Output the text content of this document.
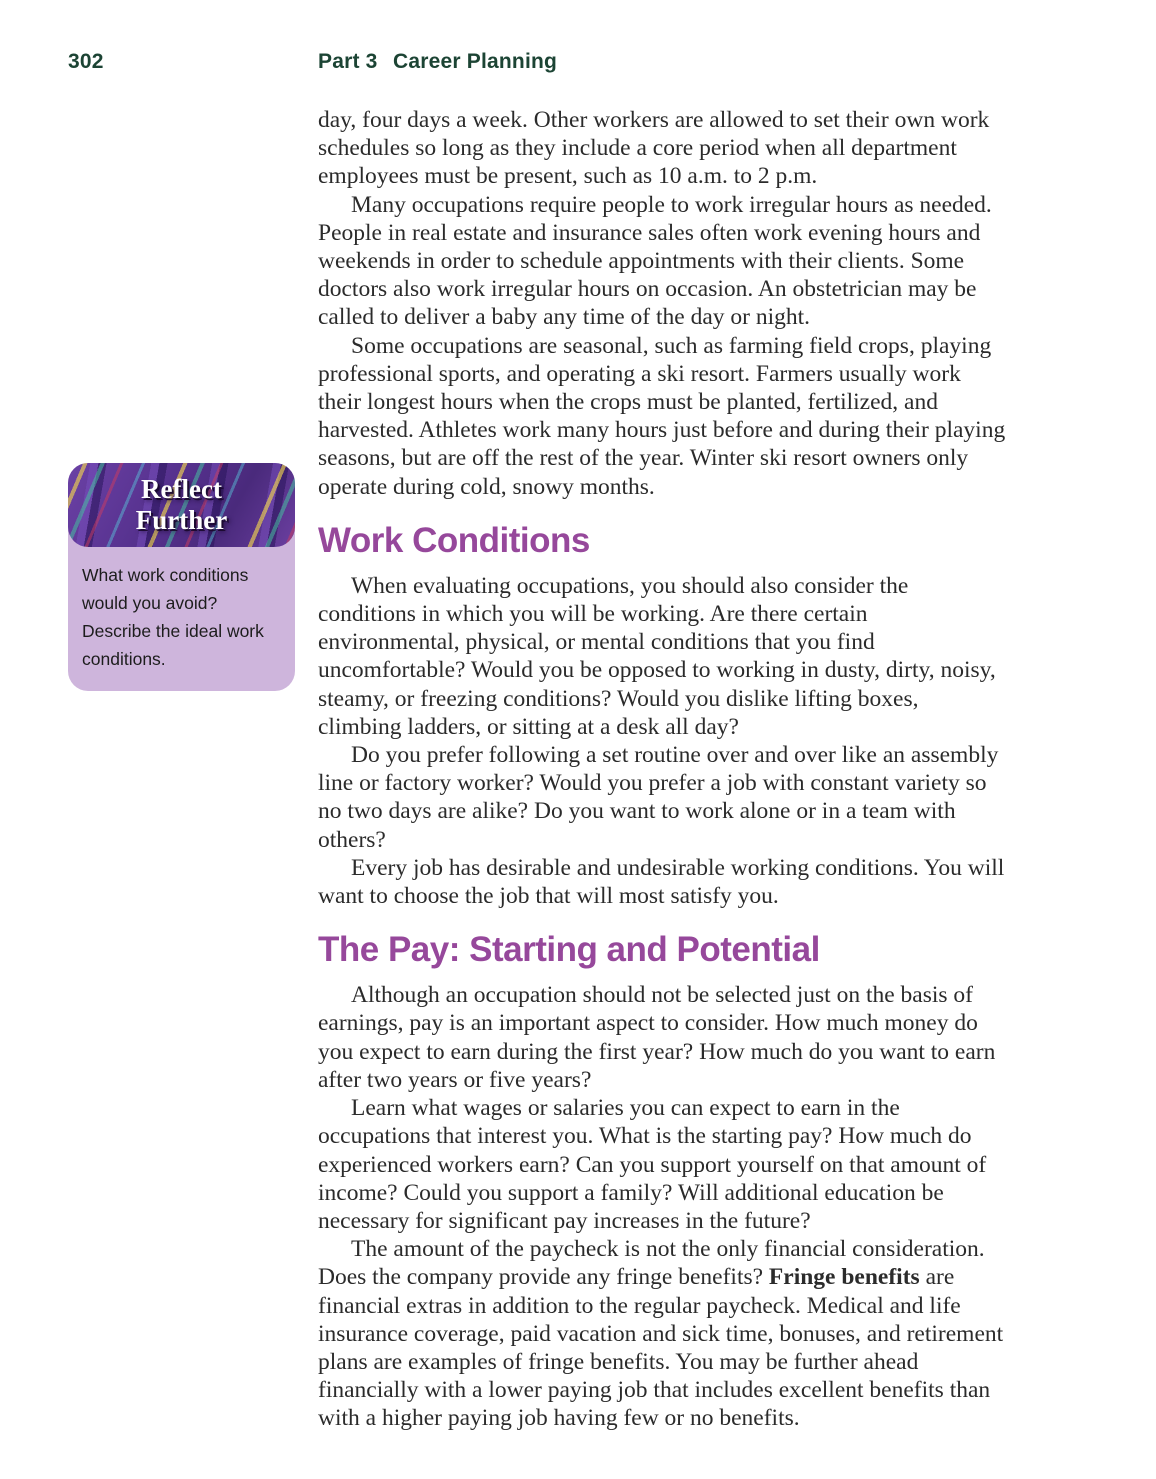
302	Part 3 Career Planning
Reflect
Further
What work conditions would you avoid? Describe the ideal work conditions.

day, four days a week. Other workers are allowed to set their own work schedules so long as they include a core period when all department employees must be present, such as 10 a.m. to 2 p.m.

Many occupations require people to work irregular hours as needed. People in real estate and insurance sales often work evening hours and weekends in order to schedule appointments with their clients. Some doctors also work irregular hours on occasion. An obstetrician may be called to deliver a baby any time of the day or night.

Some occupations are seasonal, such as farming field crops, playing professional sports, and operating a ski resort. Farmers usually work their longest hours when the crops must be planted, fertilized, and harvested. Athletes work many hours just before and during their playing seasons, but are off the rest of the year. Winter ski resort owners only operate during cold, snowy months.

Work Conditions

When evaluating occupations, you should also consider the conditions in which you will be working. Are there certain environmental, physical, or mental conditions that you find uncomfortable? Would you be opposed to working in dusty, dirty, noisy, steamy, or freezing conditions? Would you dislike lifting boxes, climbing ladders, or sitting at a desk all day?

Do you prefer following a set routine over and over like an assembly line or factory worker? Would you prefer a job with constant variety so no two days are alike? Do you want to work alone or in a team with others?

Every job has desirable and undesirable working conditions. You will want to choose the job that will most satisfy you.

The Pay: Starting and Potential

Although an occupation should not be selected just on the basis of earnings, pay is an important aspect to consider. How much money do you expect to earn during the first year? How much do you want to earn after two years or five years?

Learn what wages or salaries you can expect to earn in the occupations that interest you. What is the starting pay? How much do experienced workers earn? Can you support yourself on that amount of income? Could you support a family? Will additional education be necessary for significant pay increases in the future?

The amount of the paycheck is not the only financial consideration. Does the company provide any fringe benefits? Fringe benefits are financial extras in addition to the regular paycheck. Medical and life insurance coverage, paid vacation and sick time, bonuses, and retirement plans are examples of fringe benefits. You may be further ahead financially with a lower paying job that includes excellent benefits than with a higher paying job having few or no benefits.
